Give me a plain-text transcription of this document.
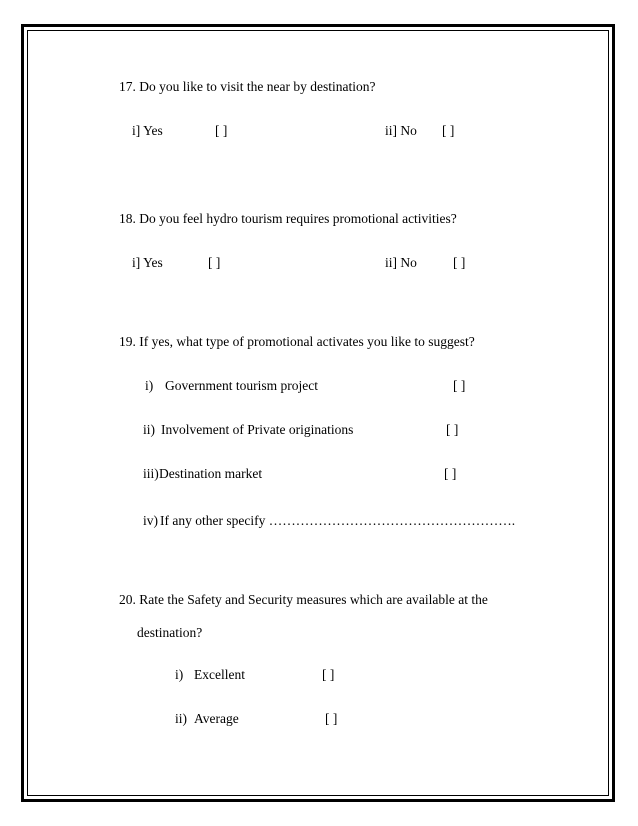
17. Do you like to visit the near by destination?
i] Yes	[ ]	ii] No [ ]
18. Do you feel hydro tourism requires promotional activities?
i] Yes	[ ]	ii] No	[ ]
19. If yes, what type of promotional activates you like to suggest?
i) Government tourism project	[ ]
ii) Involvement of Private originations	[ ]
iii) Destination market	[ ]
iv) If any other specify ……………………………………………….
20. Rate the Safety and Security measures which are available at the
destination?
i) Excellent	[ ]
ii) Average	[ ]
